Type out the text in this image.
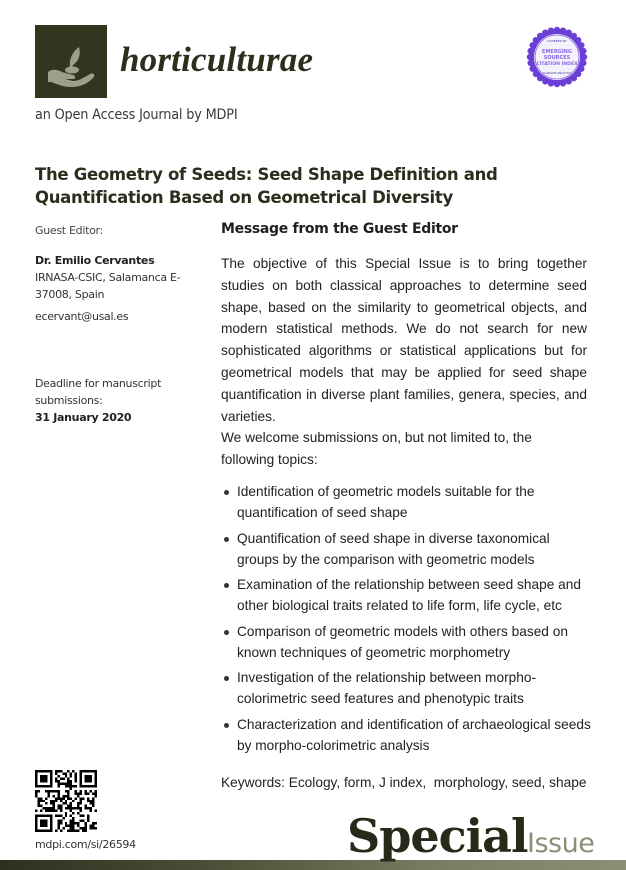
horticulturae
an Open Access Journal by MDPI
COVERED BY
EMERGING
SOURCES
CITATION INDEX
CLARIVATE ANALYTICS
The Geometry of Seeds: Seed Shape Definition and Quantification Based on Geometrical Diversity
Guest Editor:
Dr. Emilio Cervantes
IRNASA-CSIC, Salamanca E-37008, Spain
ecervant@usal.es
Deadline for manuscript submissions:
31 January 2020
Message from the Guest Editor

The objective of this Special Issue is to bring together studies on both classical approaches to determine seed shape, based on the similarity to geometrical objects, and modern statistical methods. We do not search for new sophisticated algorithms or statistical applications but for geometrical models that may be applied for seed shape quantification in diverse plant families, genera, species, and varieties.

We welcome submissions on, but not limited to, the following topics:

Identification of geometric models suitable for the quantification of seed shape
Quantification of seed shape in diverse taxonomical groups by the comparison with geometric models
Examination of the relationship between seed shape and other biological traits related to life form, life cycle, etc
Comparison of geometric models with others based on known techniques of geometric morphometry
Investigation of the relationship between morpho-colorimetric seed features and phenotypic traits
Characterization and identification of archaeological seeds by morpho-colorimetric analysis
Keywords: Ecology, form, J index,  morphology, seed, shape
mdpi.com/si/26594	Issue
Special
